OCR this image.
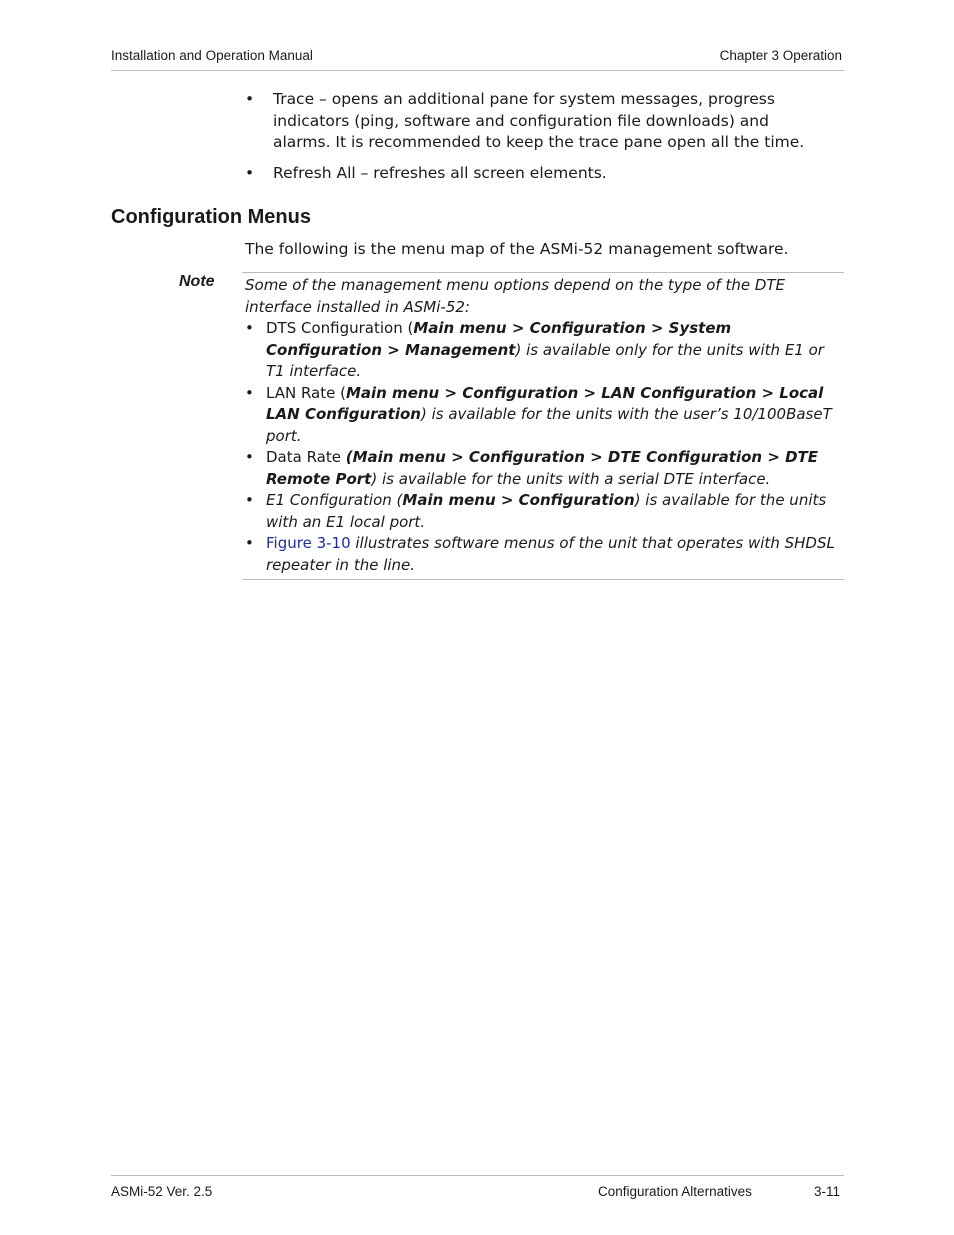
Installation and Operation Manual	Chapter 3 Operation
• Trace – opens an additional pane for system messages, progress indicators (ping, software and configuration file downloads) and alarms. It is recommended to keep the trace pane open all the time.
• Refresh All – refreshes all screen elements.
Configuration Menus
The following is the menu map of the ASMi-52 management software.
Note Some of the management menu options depend on the type of the DTE interface installed in ASMi-52:

• DTS Configuration (Main menu > Configuration > System Configuration > Management) is available only for the units with E1 or T1 interface.
• LAN Rate (Main menu > Configuration > LAN Configuration > Local LAN Configuration) is available for the units with the user’s 10/100BaseT port.
• Data Rate (Main menu > Configuration > DTE Configuration > DTE Remote Port) is available for the units with a serial DTE interface.
• E1 Configuration (Main menu > Configuration) is available for the units with an E1 local port.
• Figure 3-10 illustrates software menus of the unit that operates with SHDSL repeater in the line.
ASMi-52 Ver. 2.5	Configuration Alternatives	3-11
